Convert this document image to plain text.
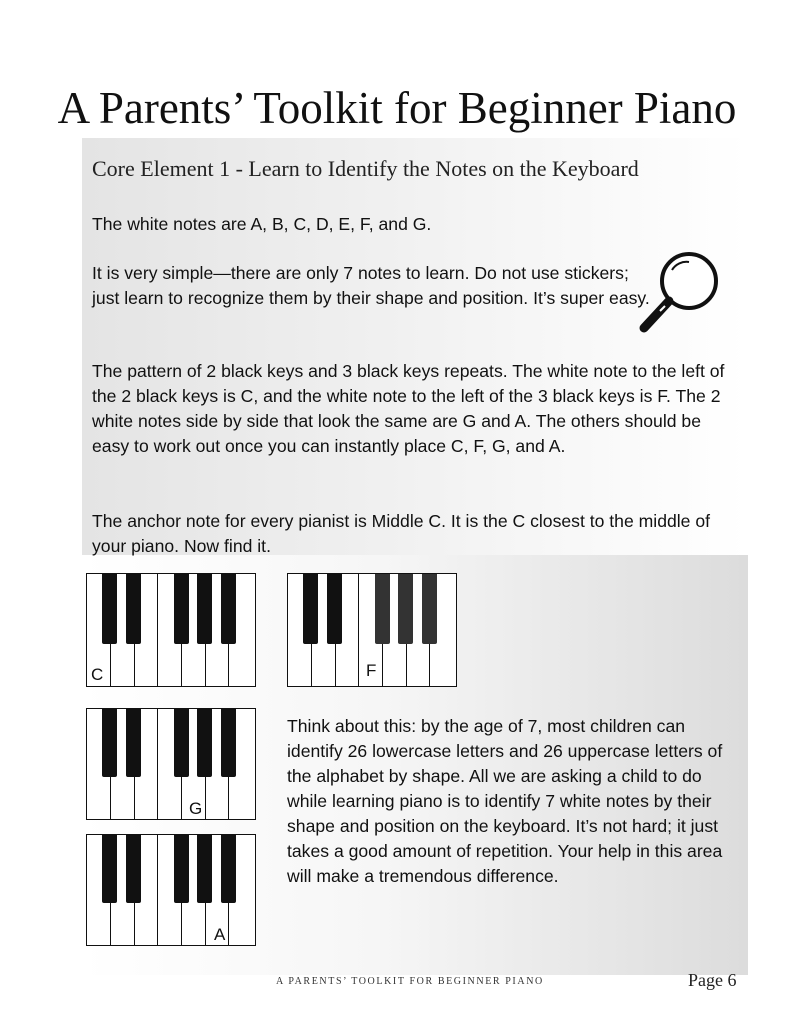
A Parents’ Toolkit for Beginner Piano
Core Element 1 - Learn to Identify the Notes on the Keyboard

The white notes are A, B, C, D, E, F, and G.

It is very simple—there are only 7 notes to learn. Do not use stickers; just learn to recognize them by their shape and position. It’s super easy.

The pattern of 2 black keys and 3 black keys repeats. The white note to the left of the 2 black keys is C, and the white note to the left of the 3 black keys is F. The 2 white notes side by side that look the same are G and A. The others should be easy to work out once you can instantly place C, F, G, and A.

The anchor note for every pianist is Middle C. It is the C closest to the middle of your piano. Now find it.

C	F
G
A

Think about this: by the age of 7, most children can identify 26 lowercase letters and 26 uppercase letters of the alphabet by shape. All we are asking a child to do while learning piano is to identify 7 white notes by their shape and position on the keyboard. It’s not hard; it just takes a good amount of repetition. Your help in this area will make a tremendous difference.

A PARENTS’ TOOLKIT FOR BEGINNER PIANO	Page 6
